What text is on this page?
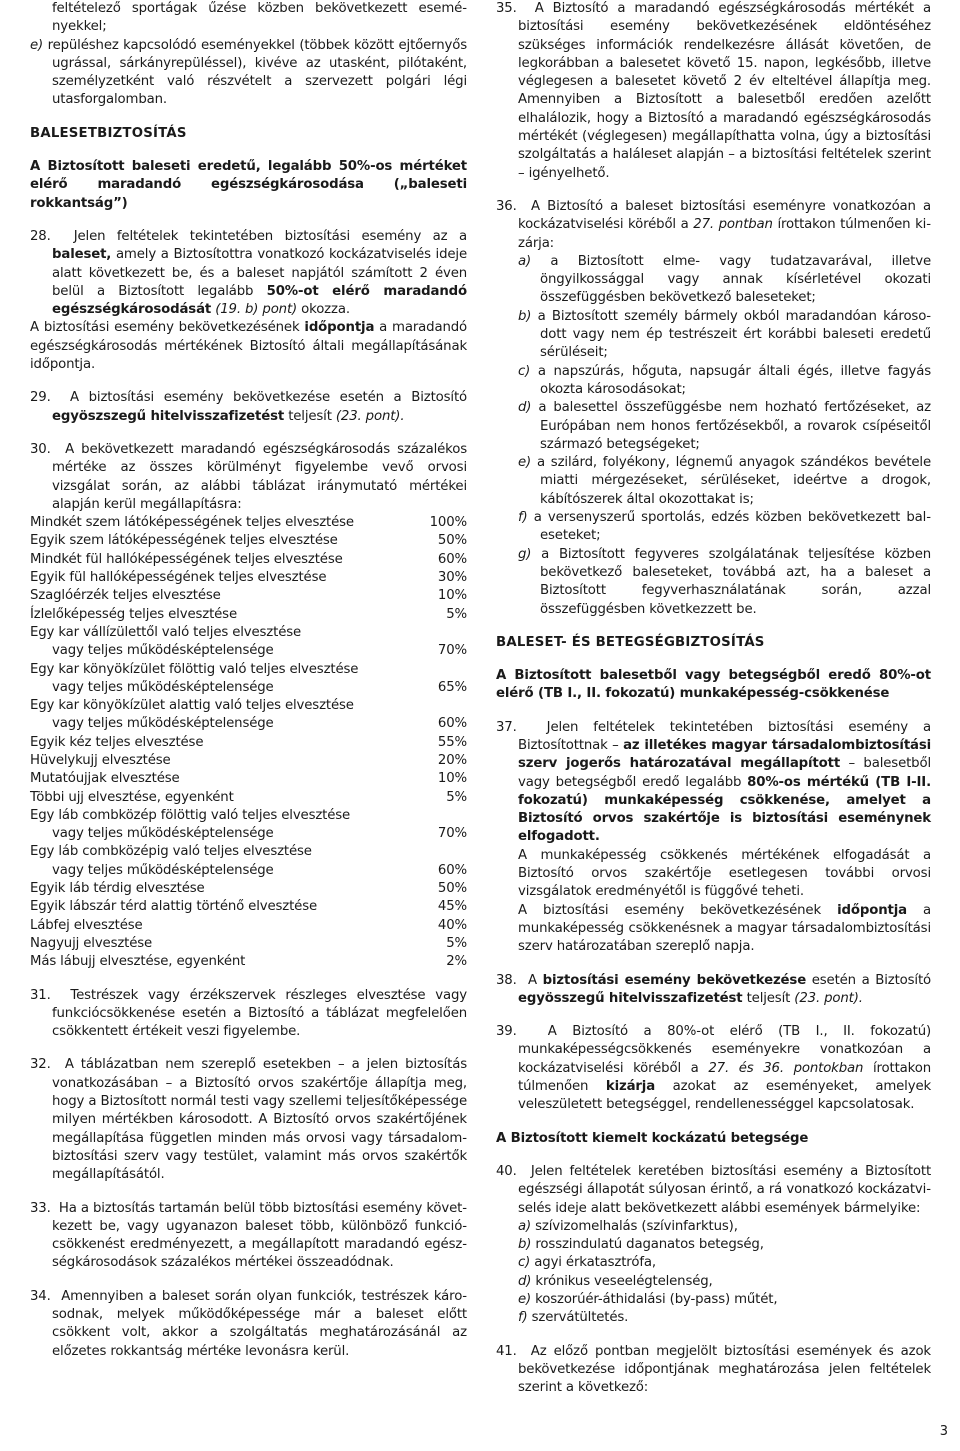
feltételező sportágak űzése közben bekövetkezett eseményekkel;

e) repüléshez kapcsolódó eseményekkel (többek között ejtőernyős ugrással, sárkányrepüléssel), kivéve az utasként, pilótaként, személyzetként való részvételt a szervezett polgári légi utasforgalomban.

BALESETBIZTOSÍTÁS

A Biztosított baleseti eredetű, legalább 50%-os mértéket elérő maradandó egészségkárosodása („baleseti rokkantság”)

28. Jelen feltételek tekintetében biztosítási esemény az a baleset, amely a Biztosítottra vonatkozó kockázatviselés ideje alatt következett be, és a baleset napjától számított 2 éven belül a Biztosított legalább 50%-ot elérő maradandó egészségkárosodását (19. b) pont) okozza.

A biztosítási esemény bekövetkezésének időpontja a maradandó egészségkárosodás mértékének Biztosító általi megállapításának időpontja.

29. A biztosítási esemény bekövetkezése esetén a Biztosító egyöszszegű hitelvisszafizetést teljesít (23. pont).

30. A bekövetkezett maradandó egészségkárosodás százalékos mértéke az összes körülményt figyelembe vevő orvosi vizsgálat során, az alábbi táblázat iránymutató mértékei alapján kerül megállapításra:

Mindkét szem látóképességének teljes elvesztése	100%
Egyik szem látóképességének teljes elvesztése	50%
Mindkét fül hallóképességének teljes elvesztése	60%
Egyik fül hallóképességének teljes elvesztése	30%
Szaglóérzék teljes elvesztése	10%
Ízlelőképesség teljes elvesztése	5%
Egy kar vállízülettől való teljes elvesztése
vagy teljes működésképtelensége	70%
Egy kar könyökízület fölöttig való teljes elvesztése
vagy teljes működésképtelensége	65%
Egy kar könyökízület alattig való teljes elvesztése
vagy teljes működésképtelensége	60%
Egyik kéz teljes elvesztése	55%
Hüvelykujj elvesztése	20%
Mutatóujjak elvesztése	10%
Többi ujj elvesztése, egyenként	5%
Egy láb combközép fölöttig való teljes elvesztése
vagy teljes működésképtelensége	70%
Egy láb combközépig való teljes elvesztése
vagy teljes működésképtelensége	60%
Egyik láb térdig elvesztése	50%
Egyik lábszár térd alattig történő elvesztése	45%
Lábfej elvesztése	40%
Nagyujj elvesztése	5%
Más lábujj elvesztése, egyenként	2%

31. Testrészek vagy érzékszervek részleges elvesztése vagy funkciócsökkenése esetén a Biztosító a táblázat megfelelően csökkentett értékeit veszi figyelembe.

32. A táblázatban nem szereplő esetekben – a jelen biztosítás vonatkozásában – a Biztosító orvos szakértője állapítja meg, hogy a Biztosított normál testi vagy szellemi teljesítőképessége milyen mértékben károsodott. A Biztosító orvos szakértőjének megállapítása független minden más orvosi vagy társadalombiztosítási szerv vagy testület, valamint más orvos szakértők megállapításától.

33. Ha a biztosítás tartamán belül több biztosítási esemény következett be, vagy ugyanazon baleset több, különböző funkciócsökkenést eredményezett, a megállapított maradandó egészségkárosodások százalékos mértékei összeadódnak.

34. Amennyiben a baleset során olyan funkciók, testrészek károsodnak, melyek működőképessége már a baleset előtt csökkent volt, akkor a szolgáltatás meghatározásánál az előzetes rokkantság mértéke levonásra kerül.

35. A Biztosító a maradandó egészségkárosodás mértékét a biztosítási esemény bekövetkezésének eldöntéséhez szükséges információk rendelkezésre állását követően, de legkorábban a balesetet követő 15. napon, legkésőbb, illetve véglegesen a balesetet követő 2 év elteltével állapítja meg. Amennyiben a Biztosított a balesetből eredően azelőtt elhalálozik, hogy a Biztosító a maradandó egészségkárosodás mértékét (véglegesen) megállapíthatta volna, úgy a biztosítási szolgáltatás a haláleset alapján – a biztosítási feltételek szerint – igényelhető.

36. A Biztosító a baleset biztosítási eseményre vonatkozóan a kockázatviselési köréből a 27. pontban írottakon túlmenően kizárja:

a) a Biztosított elme- vagy tudatzavarával, illetve öngyilkossággal vagy annak kísérletével okozati összefüggésben bekövetkező baleseteket;

b) a Biztosított személy bármely okból maradandóan károsodott vagy nem ép testrészeit ért korábbi baleseti eredetű sérüléseit;

c) a napszúrás, hőguta, napsugár általi égés, illetve fagyás okozta károsodásokat;

d) a balesettel összefüggésbe nem hozható fertőzéseket, az Európában nem honos fertőzésekből, a rovarok csípéseitől származó betegségeket;

e) a szilárd, folyékony, légnemű anyagok szándékos bevétele miatti mérgezéseket, sérüléseket, ideértve a drogok, kábítószerek által okozottakat is;

f) a versenyszerű sportolás, edzés közben bekövetkezett baleseteket;

g) a Biztosított fegyveres szolgálatának teljesítése közben bekövetkező baleseteket, továbbá azt, ha a baleset a Biztosított fegyverhasználatának során, azzal összefüggésben következzett be.

BALESET- ÉS BETEGSÉGBIZTOSÍTÁS

A Biztosított balesetből vagy betegségből eredő 80%-ot elérő (TB I., II. fokozatú) munkaképesség-csökkenése

37. Jelen feltételek tekintetében biztosítási esemény a Biztosítottnak – az illetékes magyar társadalombiztosítási szerv jogerős határozatával megállapított – balesetből vagy betegségből eredő legalább 80%-os mértékű (TB I-II. fokozatú) munkaképesség csökkenése, amelyet a Biztosító orvos szakértője is biztosítási eseménynek elfogadott.

A munkaképesség csökkenés mértékének elfogadását a Biztosító orvos szakértője esetlegesen további orvosi vizsgálatok eredményétől is függővé teheti.

A biztosítási esemény bekövetkezésének időpontja a munkaképesség csökkenésnek a magyar társadalombiztosítási szerv határozatában szereplő napja.

38. A biztosítási esemény bekövetkezése esetén a Biztosító egyösszegű hitelvisszafizetést teljesít (23. pont).

39. A Biztosító a 80%-ot elérő (TB I., II. fokozatú) munkaképességcsökkenés eseményekre vonatkozóan a kockázatviselési köréből a 27. és 36. pontokban írottakon túlmenően kizárja azokat az eseményeket, amelyek veleszületett betegséggel, rendellenességgel kapcsolatosak.

A Biztosított kiemelt kockázatú betegsége

40. Jelen feltételek keretében biztosítási esemény a Biztosított egészségi állapotát súlyosan érintő, a rá vonatkozó kockázatviselés ideje alatt bekövetkezett alábbi események bármelyike:

a) szívizomelhalás (szívinfarktus),

b) rosszindulatú daganatos betegség,

c) agyi érkatasztrófa,

d) krónikus veseelégtelenség,

e) koszorúér-áthidalási (by-pass) műtét,

f) szervátültetés.

41. Az előző pontban megjelölt biztosítási események és azok bekövetkezése időpontjának meghatározása jelen feltételek szerint a következő:

3
